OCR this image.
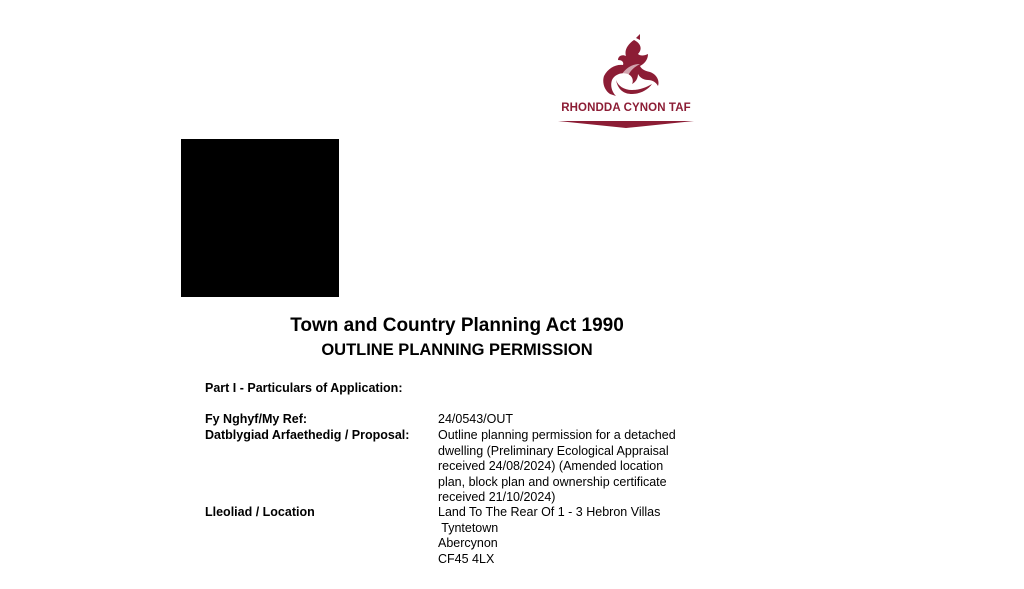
RHONDDA CYNON TAF
Town and Country Planning Act 1990
OUTLINE PLANNING PERMISSION
Part I - Particulars of Application:
Fy Nghyf/My Ref:	24/0543/OUT
Datblygiad Arfaethedig / Proposal: Outline planning permission for a detached
dwelling (Preliminary Ecological Appraisal
received 24/08/2024) (Amended location
plan, block plan and ownership certificate
received 21/10/2024)
Lleoliad / Location	Land To The Rear Of 1 - 3 Hebron Villas
Tyntetown
Abercynon
CF45 4LX
